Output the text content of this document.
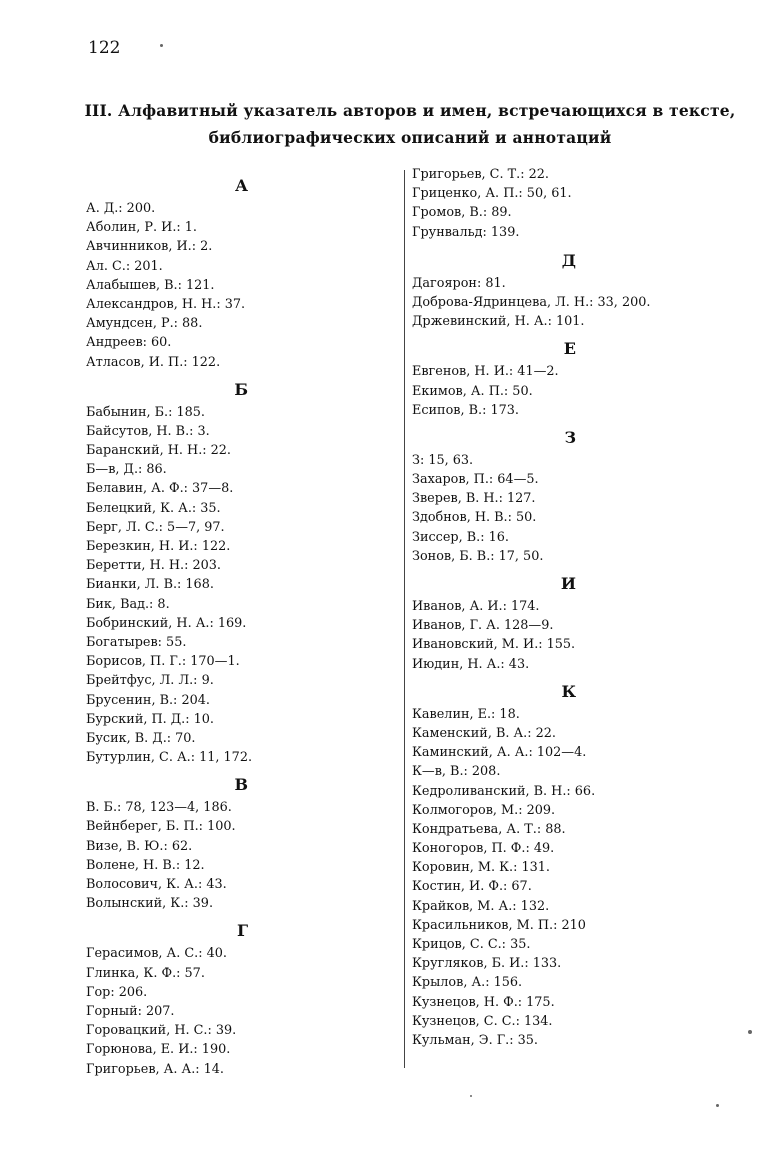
122
III. Алфавитный указатель авторов и имен, встречающихся в тексте,
библиографических описаний и аннотаций
А
А. Д.: 200.
Аболин, Р. И.: 1.
Авчинников, И.: 2.
Ал. С.: 201.
Алабышев, В.: 121.
Александров, Н. Н.: 37.
Амундсен, Р.: 88.
Андреев: 60.
Атласов, И. П.: 122.
Б
Бабынин, Б.: 185.
Байсутов, Н. В.: 3.
Баранский, Н. Н.: 22.
Б—в, Д.: 86.
Белавин, А. Ф.: 37—8.
Белецкий, К. А.: 35.
Берг, Л. С.: 5—7, 97.
Березкин, Н. И.: 122.
Беретти, Н. Н.: 203.
Бианки, Л. В.: 168.
Бик, Вад.: 8.
Бобринский, Н. А.: 169.
Богатырев: 55.
Борисов, П. Г.: 170—1.
Брейтфус, Л. Л.: 9.
Брусенин, В.: 204.
Бурский, П. Д.: 10.
Бусик, В. Д.: 70.
Бутурлин, С. А.: 11, 172.
В
В. Б.: 78, 123—4, 186.
Вейнберег, Б. П.: 100.
Визе, В. Ю.: 62.
Волене, Н. В.: 12.
Волосович, К. А.: 43.
Волынский, К.: 39.
Г
Герасимов, А. С.: 40.
Глинка, К. Ф.: 57.
Гор: 206.
Горный: 207.
Горовацкий, Н. С.: 39.
Горюнова, Е. И.: 190.
Григорьев, А. А.: 14.
Григорьев, С. Т.: 22.
Гриценко, А. П.: 50, 61.
Громов, В.: 89.
Грунвальд: 139.
Д
Дагоярон: 81.
Доброва-Ядринцева, Л. Н.: 33, 200.
Држевинский, Н. А.: 101.
Е
Евгенов, Н. И.: 41—2.
Екимов, А. П.: 50.
Есипов, В.: 173.
З
З: 15, 63.
Захаров, П.: 64—5.
Зверев, В. Н.: 127.
Здобнов, Н. В.: 50.
Зиссер, В.: 16.
Зонов, Б. В.: 17, 50.
И
Иванов, А. И.: 174.
Иванов, Г. А. 128—9.
Ивановский, М. И.: 155.
Июдин, Н. А.: 43.
К
Кавелин, Е.: 18.
Каменский, В. А.: 22.
Каминский, А. А.: 102—4.
К—в, В.: 208.
Кедроливанский, В. Н.: 66.
Колмогоров, М.: 209.
Кондратьева, А. Т.: 88.
Коногоров, П. Ф.: 49.
Коровин, М. К.: 131.
Костин, И. Ф.: 67.
Крайков, М. А.: 132.
Красильников, М. П.: 210
Крицов, С. С.: 35.
Кругляков, Б. И.: 133.
Крылов, А.: 156.
Кузнецов, Н. Ф.: 175.
Кузнецов, С. С.: 134.
Кульман, Э. Г.: 35.
